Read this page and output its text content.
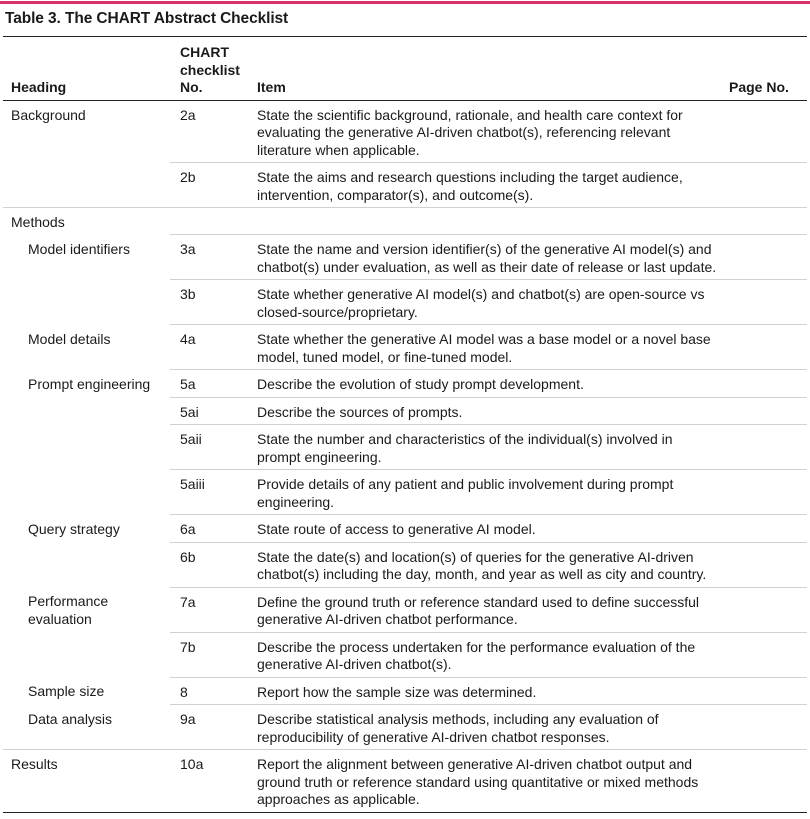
Table 3. The CHART Abstract Checklist
Heading	CHART checklist No.	Item	Page No.
Background	2a	State the scientific background, rationale, and health care context for evaluating the generative AI-driven chatbot(s), referencing relevant literature when applicable.	
	2b	State the aims and research questions including the target audience, intervention, comparator(s), and outcome(s).	
Methods			
Model identifiers	3a	State the name and version identifier(s) of the generative AI model(s) and chatbot(s) under evaluation, as well as their date of release or last update.	
	3b	State whether generative AI model(s) and chatbot(s) are open-source vs closed-source/proprietary.	
Model details	4a	State whether the generative AI model was a base model or a novel base model, tuned model, or fine-tuned model.	
Prompt engineering	5a	Describe the evolution of study prompt development.	
	5ai	Describe the sources of prompts.	
	5aii	State the number and characteristics of the individual(s) involved in prompt engineering.	
	5aiii	Provide details of any patient and public involvement during prompt engineering.	
Query strategy	6a	State route of access to generative AI model.	
	6b	State the date(s) and location(s) of queries for the generative AI-driven chatbot(s) including the day, month, and year as well as city and country.	
Performance evaluation	7a	Define the ground truth or reference standard used to define successful generative AI-driven chatbot performance.	
	7b	Describe the process undertaken for the performance evaluation of the generative AI-driven chatbot(s).	
Sample size	8	Report how the sample size was determined.	
Data analysis	9a	Describe statistical analysis methods, including any evaluation of reproducibility of generative AI-driven chatbot responses.	
Results	10a	Report the alignment between generative AI-driven chatbot output and ground truth or reference standard using quantitative or mixed methods approaches as applicable.	
